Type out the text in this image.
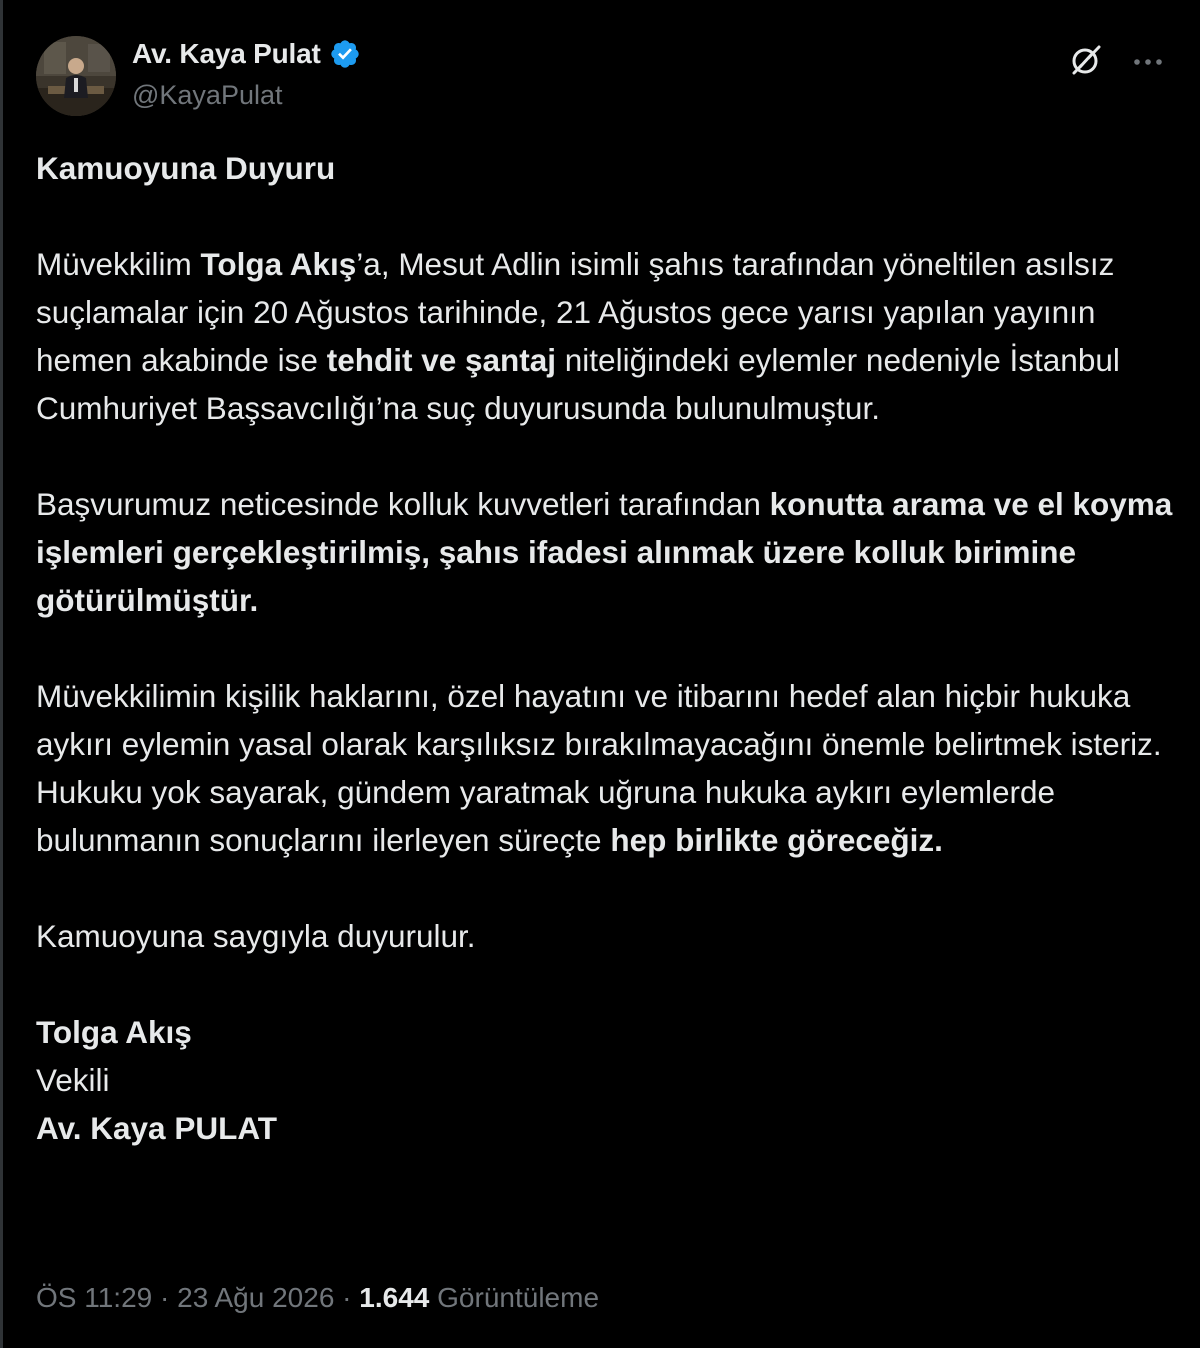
Av. Kaya Pulat
@KayaPulat

Kamuoyuna Duyuru

Müvekkilim Tolga Akış’a, Mesut Adlin isimli şahıs tarafından yöneltilen asılsız suçlamalar için 20 Ağustos tarihinde, 21 Ağustos gece yarısı yapılan yayının hemen akabinde ise tehdit ve şantaj niteliğindeki eylemler nedeniyle İstanbul Cumhuriyet Başsavcılığı’na suç duyurusunda bulunulmuştur.

Başvurumuz neticesinde kolluk kuvvetleri tarafından konutta arama ve el koyma işlemleri gerçekleştirilmiş, şahıs ifadesi alınmak üzere kolluk birimine götürülmüştür.

Müvekkilimin kişilik haklarını, özel hayatını ve itibarını hedef alan hiçbir hukuka aykırı eylemin yasal olarak karşılıksız bırakılmayacağını önemle belirtmek isteriz. Hukuku yok sayarak, gündem yaratmak uğruna hukuka aykırı eylemlerde bulunmanın sonuçlarını ilerleyen süreçte hep birlikte göreceğiz.

Kamuoyuna saygıyla duyurulur.

Tolga Akış

Vekili

Av. Kaya PULAT

ÖS 11:29 · 23 Ağu 2026 · 1.644 Görüntüleme
